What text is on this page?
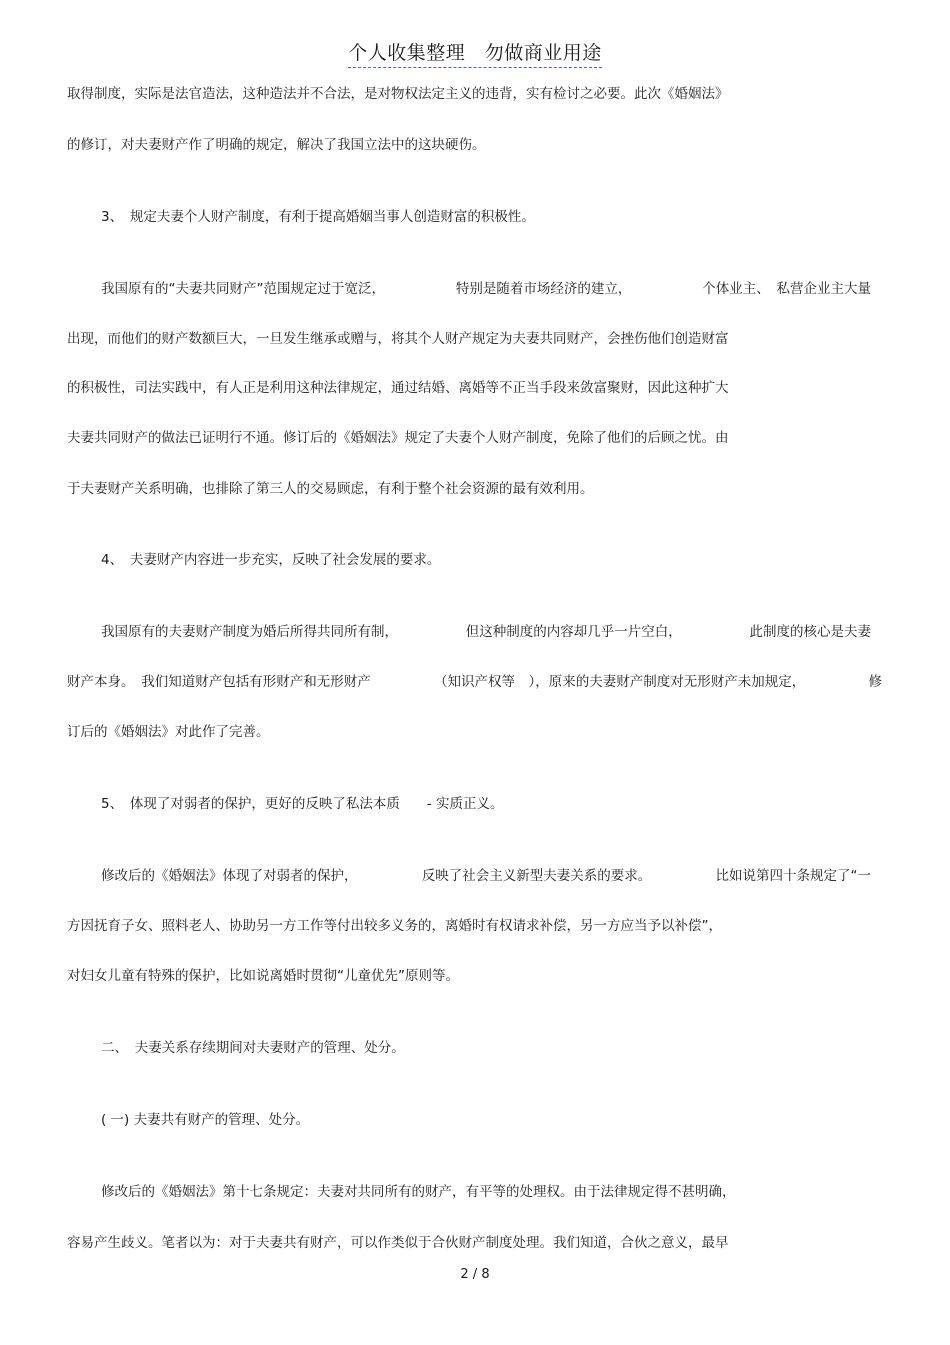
个人收集整理　勿做商业用途
取得制度，实际是法官造法，这种造法并不合法，是对物权法定主义的违背，实有检讨之必要。此次《婚姻法》
的修订，对夫妻财产作了明确的规定，解决了我国立法中的这块硬伤。
3、　规定夫妻个人财产制度，有利于提高婚姻当事人创造财富的积极性。
我国原有的“夫妻共同财产”范围规定过于宽泛，	特别是随着市场经济的建立，	个体业主、　私营企业主大量
出现，而他们的财产数额巨大，一旦发生继承或赠与，将其个人财产规定为夫妻共同财产，会挫伤他们创造财富
的积极性，司法实践中，有人正是利用这种法律规定，通过结婚、离婚等不正当手段来敛富聚财，因此这种扩大
夫妻共同财产的做法已证明行不通。修订后的《婚姻法》规定了夫妻个人财产制度，免除了他们的后顾之忧。由
于夫妻财产关系明确，也排除了第三人的交易顾虑，有利于整个社会资源的最有效利用。
4、　夫妻财产内容进一步充实，反映了社会发展的要求。
我国原有的夫妻财产制度为婚后所得共同所有制，	但这种制度的内容却几乎一片空白，	此制度的核心是夫妻
财产本身。　我们知道财产包括有形财产和无形财产	（知识产权等　），原来的夫妻财产制度对无形财产未加规定，	修
订后的《婚姻法》对此作了完善。
5、　体现了对弱者的保护，更好的反映了私法本质　　- 实质正义。
修改后的《婚姻法》体现了对弱者的保护，	反映了社会主义新型夫妻关系的要求。	比如说第四十条规定了“一
方因抚育子女、照料老人、协助另一方工作等付出较多义务的，离婚时有权请求补偿，另一方应当予以补偿”，
对妇女儿童有特殊的保护，比如说离婚时贯彻“儿童优先”原则等。
二、　夫妻关系存续期间对夫妻财产的管理、处分。
( 一) 夫妻共有财产的管理、处分。
修改后的《婚姻法》第十七条规定：夫妻对共同所有的财产，有平等的处理权。由于法律规定得不甚明确，
容易产生歧义。笔者以为：对于夫妻共有财产，可以作类似于合伙财产制度处理。我们知道，合伙之意义，最早
2 / 8
